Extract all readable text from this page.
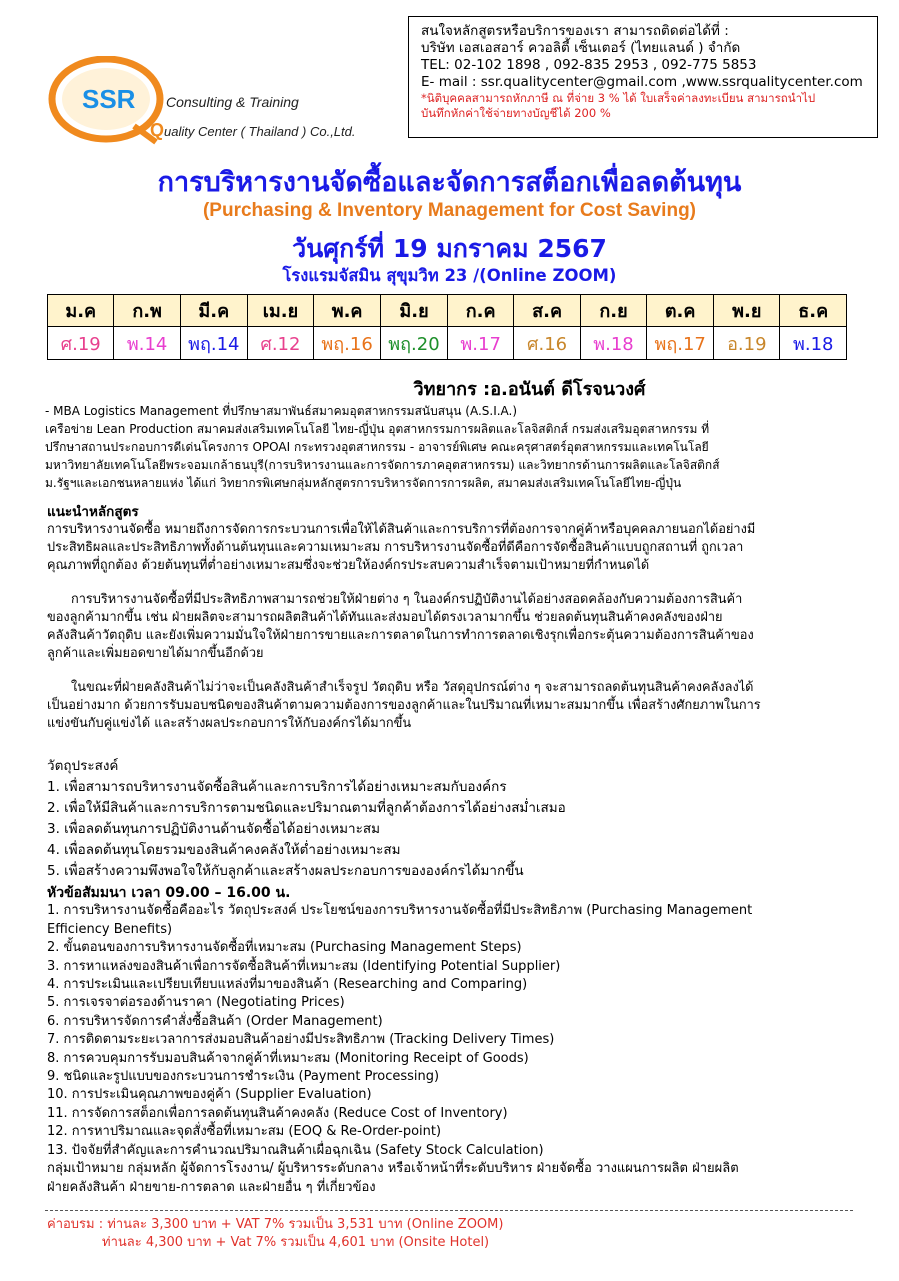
SSR Consulting & Training
Quality Center ( Thailand ) Co.,Ltd.
สนใจหลักสูตรหรือบริการของเรา สามารถติดต่อได้ที่ :
บริษัท เอสเอสอาร์ ควอลิตี้ เซ็นเตอร์ (ไทยแลนด์ ) จำกัด
TEL: 02-102 1898 , 092-835 2953 , 092-775 5853
E- mail : ssr.qualitycenter@gmail.com ,www.ssrqualitycenter.com
*นิติบุคคลสามารถหักภาษี ณ ที่จ่าย 3 % ได้ ใบเสร็จค่าลงทะเบียน สามารถนำไป
บันทึกหักค่าใช้จ่ายทางบัญชีได้ 200 %
การบริหารงานจัดซื้อและจัดการสต็อกเพื่อลดต้นทุน
(Purchasing & Inventory Management for Cost Saving)
วันศุกร์ที่ 19 มกราคม 2567
โรงแรมจัสมิน สุขุมวิท 23 /(Online ZOOM)
ม.ค	ก.พ	มี.ค	เม.ย	พ.ค	มิ.ย	ก.ค	ส.ค	ก.ย	ต.ค	พ.ย	ธ.ค
ศ.19	พ.14	พฤ.14	ศ.12	พฤ.16	พฤ.20	พ.17	ศ.16	พ.18	พฤ.17	อ.19	พ.18
วิทยากร :อ.อนันต์ ดีโรจนวงศ์
- MBA Logistics Management ที่ปรึกษาสมาพันธ์สมาคมอุตสาหกรรมสนับสนุน (A.S.I.A.)
เครือข่าย Lean Production สมาคมส่งเสริมเทคโนโลยี ไทย-ญี่ปุ่น อุตสาหกรรมการผลิตและโลจิสติกส์ กรมส่งเสริมอุตสาหกรรม ที่
ปรึกษาสถานประกอบการดีเด่นโครงการ OPOAI กระทรวงอุตสาหกรรม - อาจารย์พิเศษ คณะครุศาสตร์อุตสาหกรรมและเทคโนโลยี
มหาวิทยาลัยเทคโนโลยีพระจอมเกล้าธนบุรี(การบริหารงานและการจัดการภาคอุตสาหกรรม) และวิทยากรด้านการผลิตและโลจิสติกส์
ม.รัฐฯและเอกชนหลายแห่ง ได้แก่ วิทยากรพิเศษกลุ่มหลักสูตรการบริหารจัดการการผลิต, สมาคมส่งเสริมเทคโนโลยีไทย-ญี่ปุ่น
แนะนำหลักสูตร
การบริหารงานจัดซื้อ หมายถึงการจัดการกระบวนการเพื่อให้ได้สินค้าและการบริการที่ต้องการจากคู่ค้าหรือบุคคลภายนอกได้อย่างมี
ประสิทธิผลและประสิทธิภาพทั้งด้านต้นทุนและความเหมาะสม การบริหารงานจัดซื้อที่ดีคือการจัดซื้อสินค้าแบบถูกสถานที่ ถูกเวลา
คุณภาพที่ถูกต้อง ด้วยต้นทุนที่ต่ำอย่างเหมาะสมซึ่งจะช่วยให้องค์กรประสบความสำเร็จตามเป้าหมายที่กำหนดได้
การบริหารงานจัดซื้อที่มีประสิทธิภาพสามารถช่วยให้ฝ่ายต่าง ๆ ในองค์กรปฏิบัติงานได้อย่างสอดคล้องกับความต้องการสินค้า
ของลูกค้ามากขึ้น เช่น ฝ่ายผลิตจะสามารถผลิตสินค้าได้ทันและส่งมอบได้ตรงเวลามากขึ้น ช่วยลดต้นทุนสินค้าคงคลังของฝ่าย
คลังสินค้าวัตถุดิบ และยังเพิ่มความมั่นใจให้ฝ่ายการขายและการตลาดในการทำการตลาดเชิงรุกเพื่อกระตุ้นความต้องการสินค้าของ
ลูกค้าและเพิ่มยอดขายได้มากขึ้นอีกด้วย
ในขณะที่ฝ่ายคลังสินค้าไม่ว่าจะเป็นคลังสินค้าสำเร็จรูป วัตถุดิบ หรือ วัสดุอุปกรณ์ต่าง ๆ จะสามารถลดต้นทุนสินค้าคงคลังลงได้
เป็นอย่างมาก ด้วยการรับมอบชนิดของสินค้าตามความต้องการของลูกค้าและในปริมาณที่เหมาะสมมากขึ้น เพื่อสร้างศักยภาพในการ
แข่งขันกับคู่แข่งได้ และสร้างผลประกอบการให้กับองค์กรได้มากขึ้น
วัตถุประสงค์
1. เพื่อสามารถบริหารงานจัดซื้อสินค้าและการบริการได้อย่างเหมาะสมกับองค์กร
2. เพื่อให้มีสินค้าและการบริการตามชนิดและปริมาณตามที่ลูกค้าต้องการได้อย่างสม่ำเสมอ
3. เพื่อลดต้นทุนการปฏิบัติงานด้านจัดซื้อได้อย่างเหมาะสม
4. เพื่อลดต้นทุนโดยรวมของสินค้าคงคลังให้ต่ำอย่างเหมาะสม
5. เพื่อสร้างความพึงพอใจให้กับลูกค้าและสร้างผลประกอบการขององค์กรได้มากขึ้น
หัวข้อสัมมนา เวลา 09.00 – 16.00 น.
1. การบริหารงานจัดซื้อคืออะไร วัตถุประสงค์ ประโยชน์ของการบริหารงานจัดซื้อที่มีประสิทธิภาพ (Purchasing Management
Efficiency Benefits)
2. ขั้นตอนของการบริหารงานจัดซื้อที่เหมาะสม (Purchasing Management Steps)
3. การหาแหล่งของสินค้าเพื่อการจัดซื้อสินค้าที่เหมาะสม (Identifying Potential Supplier)
4. การประเมินและเปรียบเทียบแหล่งที่มาของสินค้า (Researching and Comparing)
5. การเจรจาต่อรองด้านราคา (Negotiating Prices)
6. การบริหารจัดการคำสั่งซื้อสินค้า (Order Management)
7. การติดตามระยะเวลาการส่งมอบสินค้าอย่างมีประสิทธิภาพ (Tracking Delivery Times)
8. การควบคุมการรับมอบสินค้าจากคู่ค้าที่เหมาะสม (Monitoring Receipt of Goods)
9. ชนิดและรูปแบบของกระบวนการชำระเงิน (Payment Processing)
10. การประเมินคุณภาพของคู่ค้า (Supplier Evaluation)
11. การจัดการสต็อกเพื่อการลดต้นทุนสินค้าคงคลัง (Reduce Cost of Inventory)
12. การหาปริมาณและจุดสั่งซื้อที่เหมาะสม (EOQ & Re-Order-point)
13. ปัจจัยที่สำคัญและการคำนวณปริมาณสินค้าเผื่อฉุกเฉิน (Safety Stock Calculation)
กลุ่มเป้าหมาย กลุ่มหลัก ผู้จัดการโรงงาน/ ผู้บริหารระดับกลาง หรือเจ้าหน้าที่ระดับบริหาร ฝ่ายจัดซื้อ วางแผนการผลิต ฝ่ายผลิต
ฝ่ายคลังสินค้า ฝ่ายขาย-การตลาด และฝ่ายอื่น ๆ ที่เกี่ยวข้อง
ค่าอบรม : ท่านละ 3,300 บาท + VAT 7% รวมเป็น 3,531 บาท (Online ZOOM)
ท่านละ 4,300 บาท + Vat 7% รวมเป็น 4,601 บาท (Onsite Hotel)
